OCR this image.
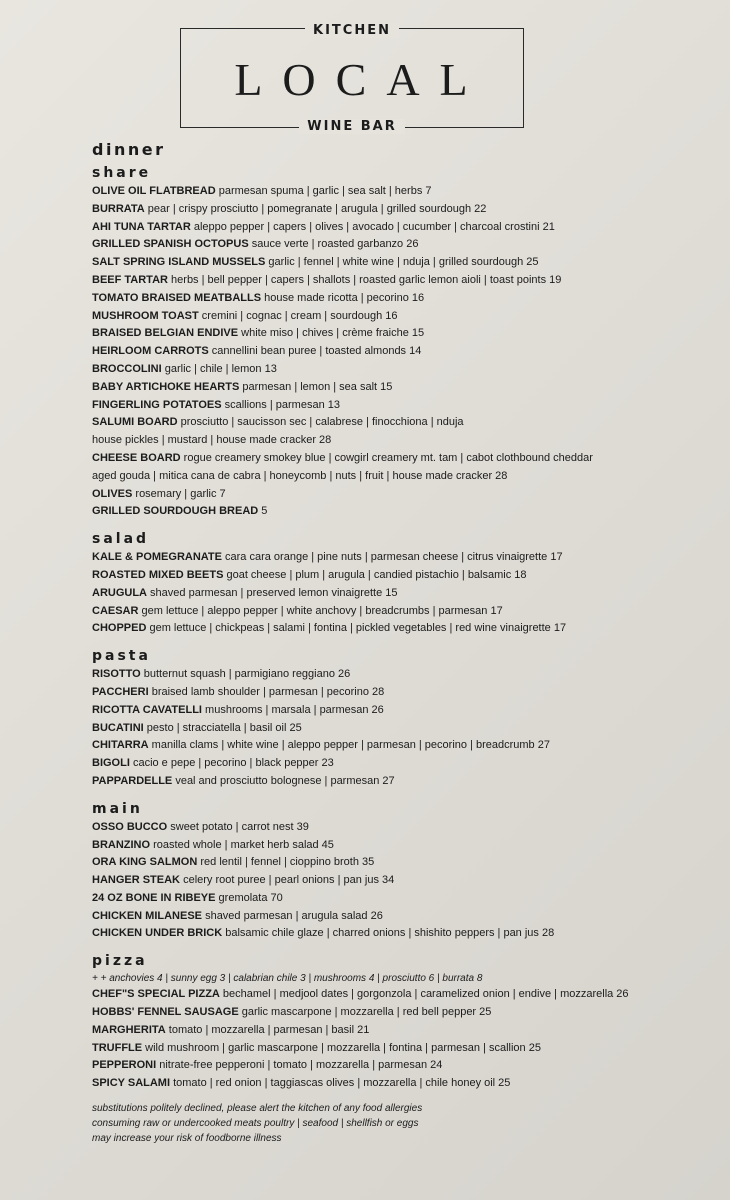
KITCHEN
LOCAL
WINE BAR
dinner
share
OLIVE OIL FLATBREAD parmesan spuma | garlic | sea salt | herbs 7
BURRATA pear | crispy prosciutto | pomegranate | arugula | grilled sourdough 22
AHI TUNA TARTAR aleppo pepper | capers | olives | avocado | cucumber | charcoal crostini 21
GRILLED SPANISH OCTOPUS sauce verte | roasted garbanzo 26
SALT SPRING ISLAND MUSSELS garlic | fennel | white wine | nduja | grilled sourdough 25
BEEF TARTAR herbs | bell pepper | capers | shallots | roasted garlic lemon aioli | toast points 19
TOMATO BRAISED MEATBALLS house made ricotta | pecorino 16
MUSHROOM TOAST cremini | cognac | cream | sourdough 16
BRAISED BELGIAN ENDIVE white miso | chives | crème fraiche 15
HEIRLOOM CARROTS cannellini bean puree | toasted almonds 14
BROCCOLINI garlic | chile | lemon 13
BABY ARTICHOKE HEARTS parmesan | lemon | sea salt 15
FINGERLING POTATOES scallions | parmesan 13
SALUMI BOARD prosciutto | saucisson sec | calabrese | finocchiona | nduja
house pickles | mustard | house made cracker 28
CHEESE BOARD rogue creamery smokey blue | cowgirl creamery mt. tam | cabot clothbound cheddar
aged gouda | mitica cana de cabra | honeycomb | nuts | fruit | house made cracker 28
OLIVES rosemary | garlic 7
GRILLED SOURDOUGH BREAD 5
salad
KALE & POMEGRANATE cara cara orange | pine nuts | parmesan cheese | citrus vinaigrette 17
ROASTED MIXED BEETS goat cheese | plum | arugula | candied pistachio | balsamic 18
ARUGULA shaved parmesan | preserved lemon vinaigrette 15
CAESAR gem lettuce | aleppo pepper | white anchovy | breadcrumbs | parmesan 17
CHOPPED gem lettuce | chickpeas | salami | fontina | pickled vegetables | red wine vinaigrette 17
pasta
RISOTTO butternut squash | parmigiano reggiano 26
PACCHERI braised lamb shoulder | parmesan | pecorino 28
RICOTTA CAVATELLI mushrooms | marsala | parmesan 26
BUCATINI pesto | stracciatella | basil oil 25
CHITARRA manilla clams | white wine | aleppo pepper | parmesan | pecorino | breadcrumb 27
BIGOLI cacio e pepe | pecorino | black pepper 23
PAPPARDELLE veal and prosciutto bolognese | parmesan 27
main
OSSO BUCCO sweet potato | carrot nest 39
BRANZINO roasted whole | market herb salad 45
ORA KING SALMON red lentil | fennel | cioppino broth 35
HANGER STEAK celery root puree | pearl onions | pan jus 34
24 OZ BONE IN RIBEYE gremolata 70
CHICKEN MILANESE shaved parmesan | arugula salad 26
CHICKEN UNDER BRICK balsamic chile glaze | charred onions | shishito peppers | pan jus 28
pizza
+ + anchovies 4 | sunny egg 3 | calabrian chile 3 | mushrooms 4 | prosciutto 6 | burrata 8
CHEF"S SPECIAL PIZZA bechamel | medjool dates | gorgonzola | caramelized onion | endive | mozzarella 26
HOBBS' FENNEL SAUSAGE garlic mascarpone | mozzarella | red bell pepper 25
MARGHERITA tomato | mozzarella | parmesan | basil 21
TRUFFLE wild mushroom | garlic mascarpone | mozzarella | fontina | parmesan | scallion 25
PEPPERONI nitrate-free pepperoni | tomato | mozzarella | parmesan 24
SPICY SALAMI tomato | red onion | taggiascas olives | mozzarella | chile honey oil 25
substitutions politely declined, please alert the kitchen of any food allergies
consuming raw or undercooked meats poultry | seafood | shellfish or eggs
may increase your risk of foodborne illness
